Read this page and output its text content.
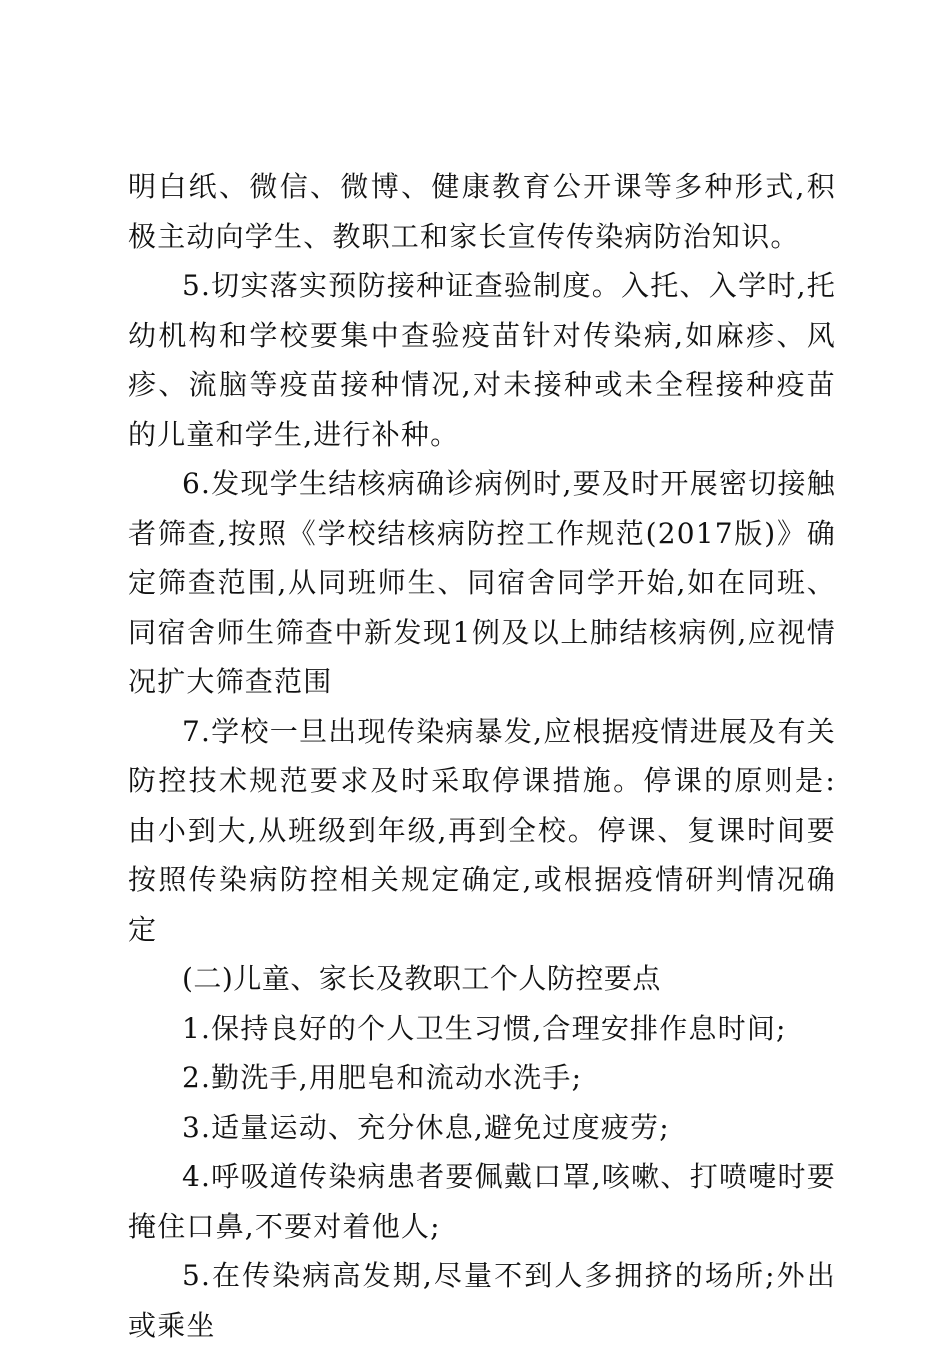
明白纸、微信、微博、健康教育公开课等多种形式,积极主动向学生、教职工和家长宣传传染病防治知识。

5.切实落实预防接种证查验制度。入托、入学时,托幼机构和学校要集中查验疫苗针对传染病,如麻疹、风疹、流脑等疫苗接种情况,对未接种或未全程接种疫苗的儿童和学生,进行补种。

6.发现学生结核病确诊病例时,要及时开展密切接触者筛查,按照《学校结核病防控工作规范(2017版)》确定筛查范围,从同班师生、同宿舍同学开始,如在同班、同宿舍师生筛查中新发现1例及以上肺结核病例,应视情况扩大筛查范围

7.学校一旦出现传染病暴发,应根据疫情进展及有关防控技术规范要求及时采取停课措施。停课的原则是:由小到大,从班级到年级,再到全校。停课、复课时间要按照传染病防控相关规定确定,或根据疫情研判情况确定

(二)儿童、家长及教职工个人防控要点

1.保持良好的个人卫生习惯,合理安排作息时间;

2.勤洗手,用肥皂和流动水洗手;

3.适量运动、充分休息,避免过度疲劳;

4.呼吸道传染病患者要佩戴口罩,咳嗽、打喷嚏时要掩住口鼻,不要对着他人;

5.在传染病高发期,尽量不到人多拥挤的场所;外出或乘坐
